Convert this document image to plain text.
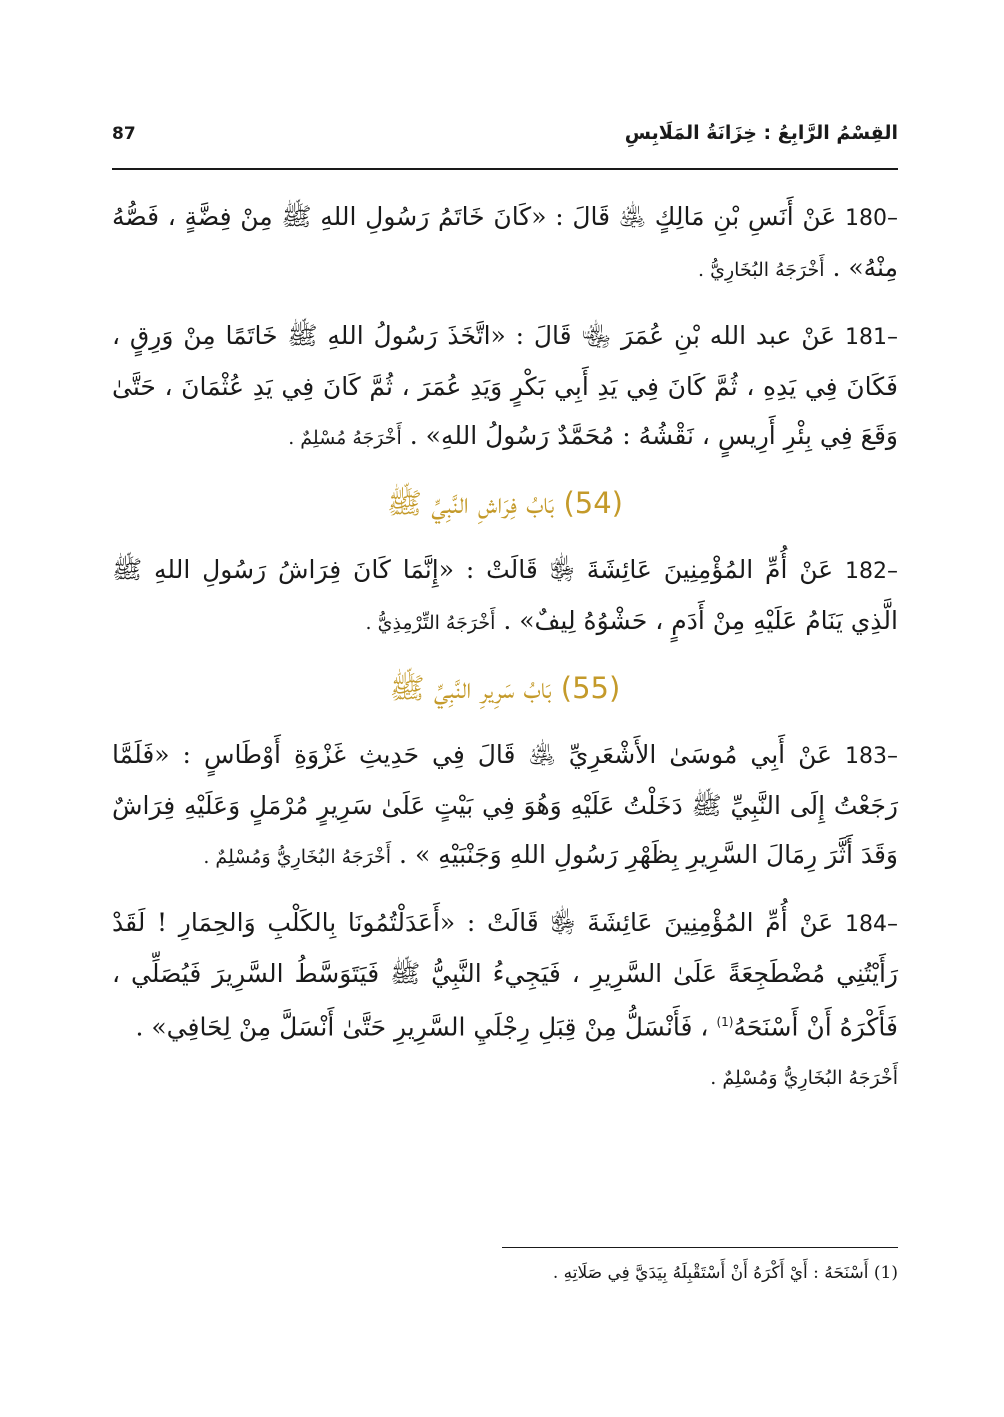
القِسْمُ الرَّابِعُ : خِزَانَةُ المَلَابِسِ
87

180– عَنْ أَنَسِ بْنِ مَالِكٍ ﵁ قَالَ : «كَانَ خَاتَمُ رَسُولِ اللهِ ﷺ مِنْ فِضَّةٍ ، فَصُّهُ مِنْهُ» . أَخْرَجَهُ البُخَارِيُّ .

181– عَنْ عبد الله بْنِ عُمَرَ ﵄ قَالَ : «اتَّخَذَ رَسُولُ اللهِ ﷺ خَاتَمًا مِنْ وَرِقٍ ، فَكَانَ فِي يَدِهِ ، ثُمَّ كَانَ فِي يَدِ أَبِي بَكْرٍ وَيَدِ عُمَرَ ، ثُمَّ كَانَ فِي يَدِ عُثْمَانَ ، حَتَّىٰ وَقَعَ فِي بِئْرِ أَرِيسٍ ، نَقْشُهُ : مُحَمَّدٌ رَسُولُ اللهِ» . أَخْرَجَهُ مُسْلِمٌ .

(54) بَابُ فِرَاشِ النَّبِيِّ ﷺ

182– عَنْ أُمِّ المُؤْمِنِينَ عَائِشَةَ ﵂ قَالَتْ : «إِنَّمَا كَانَ فِرَاشُ رَسُولِ اللهِ ﷺ الَّذِي يَنَامُ عَلَيْهِ مِنْ أَدَمٍ ، حَشْوُهُ لِيفٌ» . أَخْرَجَهُ التِّرْمِذِيُّ .

(55) بَابُ سَرِيرِ النَّبِيِّ ﷺ

183– عَنْ أَبِي مُوسَىٰ الأَشْعَرِيِّ ﵁ قَالَ فِي حَدِيثِ غَزْوَةِ أَوْطَاسٍ : «فَلَمَّا رَجَعْتُ إِلَى النَّبِيِّ ﷺ دَخَلْتُ عَلَيْهِ وَهُوَ فِي بَيْتٍ عَلَىٰ سَرِيرٍ مُرْمَلٍ وَعَلَيْهِ فِرَاشٌ وَقَدَ أَثَّرَ رِمَالَ السَّرِيرِ بِظَهْرِ رَسُولِ اللهِ وَجَنْبَيْهِ » . أَخْرَجَهُ البُخَارِيُّ وَمُسْلِمٌ .

184– عَنْ أُمِّ المُؤْمِنِينَ عَائِشَةَ ﵂ قَالَتْ : «أَعَدَلْتُمُونَا بِالكَلْبِ وَالحِمَارِ ! لَقَدْ رَأَيْتُنِي مُضْطَجِعَةً عَلَىٰ السَّرِيرِ ، فَيَجِيءُ النَّبِيُّ ﷺ فَيَتَوَسَّطُ السَّرِيرَ فَيُصَلِّي ، فَأَكْرَهُ أَنْ أَسْنَحَهُ$^{(1)}$ ، فَأَنْسَلُّ مِنْ قِبَلِ رِجْلَيِ السَّرِيرِ حَتَّىٰ أَنْسَلَّ مِنْ لِحَافِي» .
أَخْرَجَهُ البُخَارِيُّ وَمُسْلِمٌ .

(1) أَسْنَحَهُ : أَيْ أَكْرَهُ أَنْ أَسْتَقْبِلَهُ بِيَدَيَّ فِي صَلَاتِهِ .
